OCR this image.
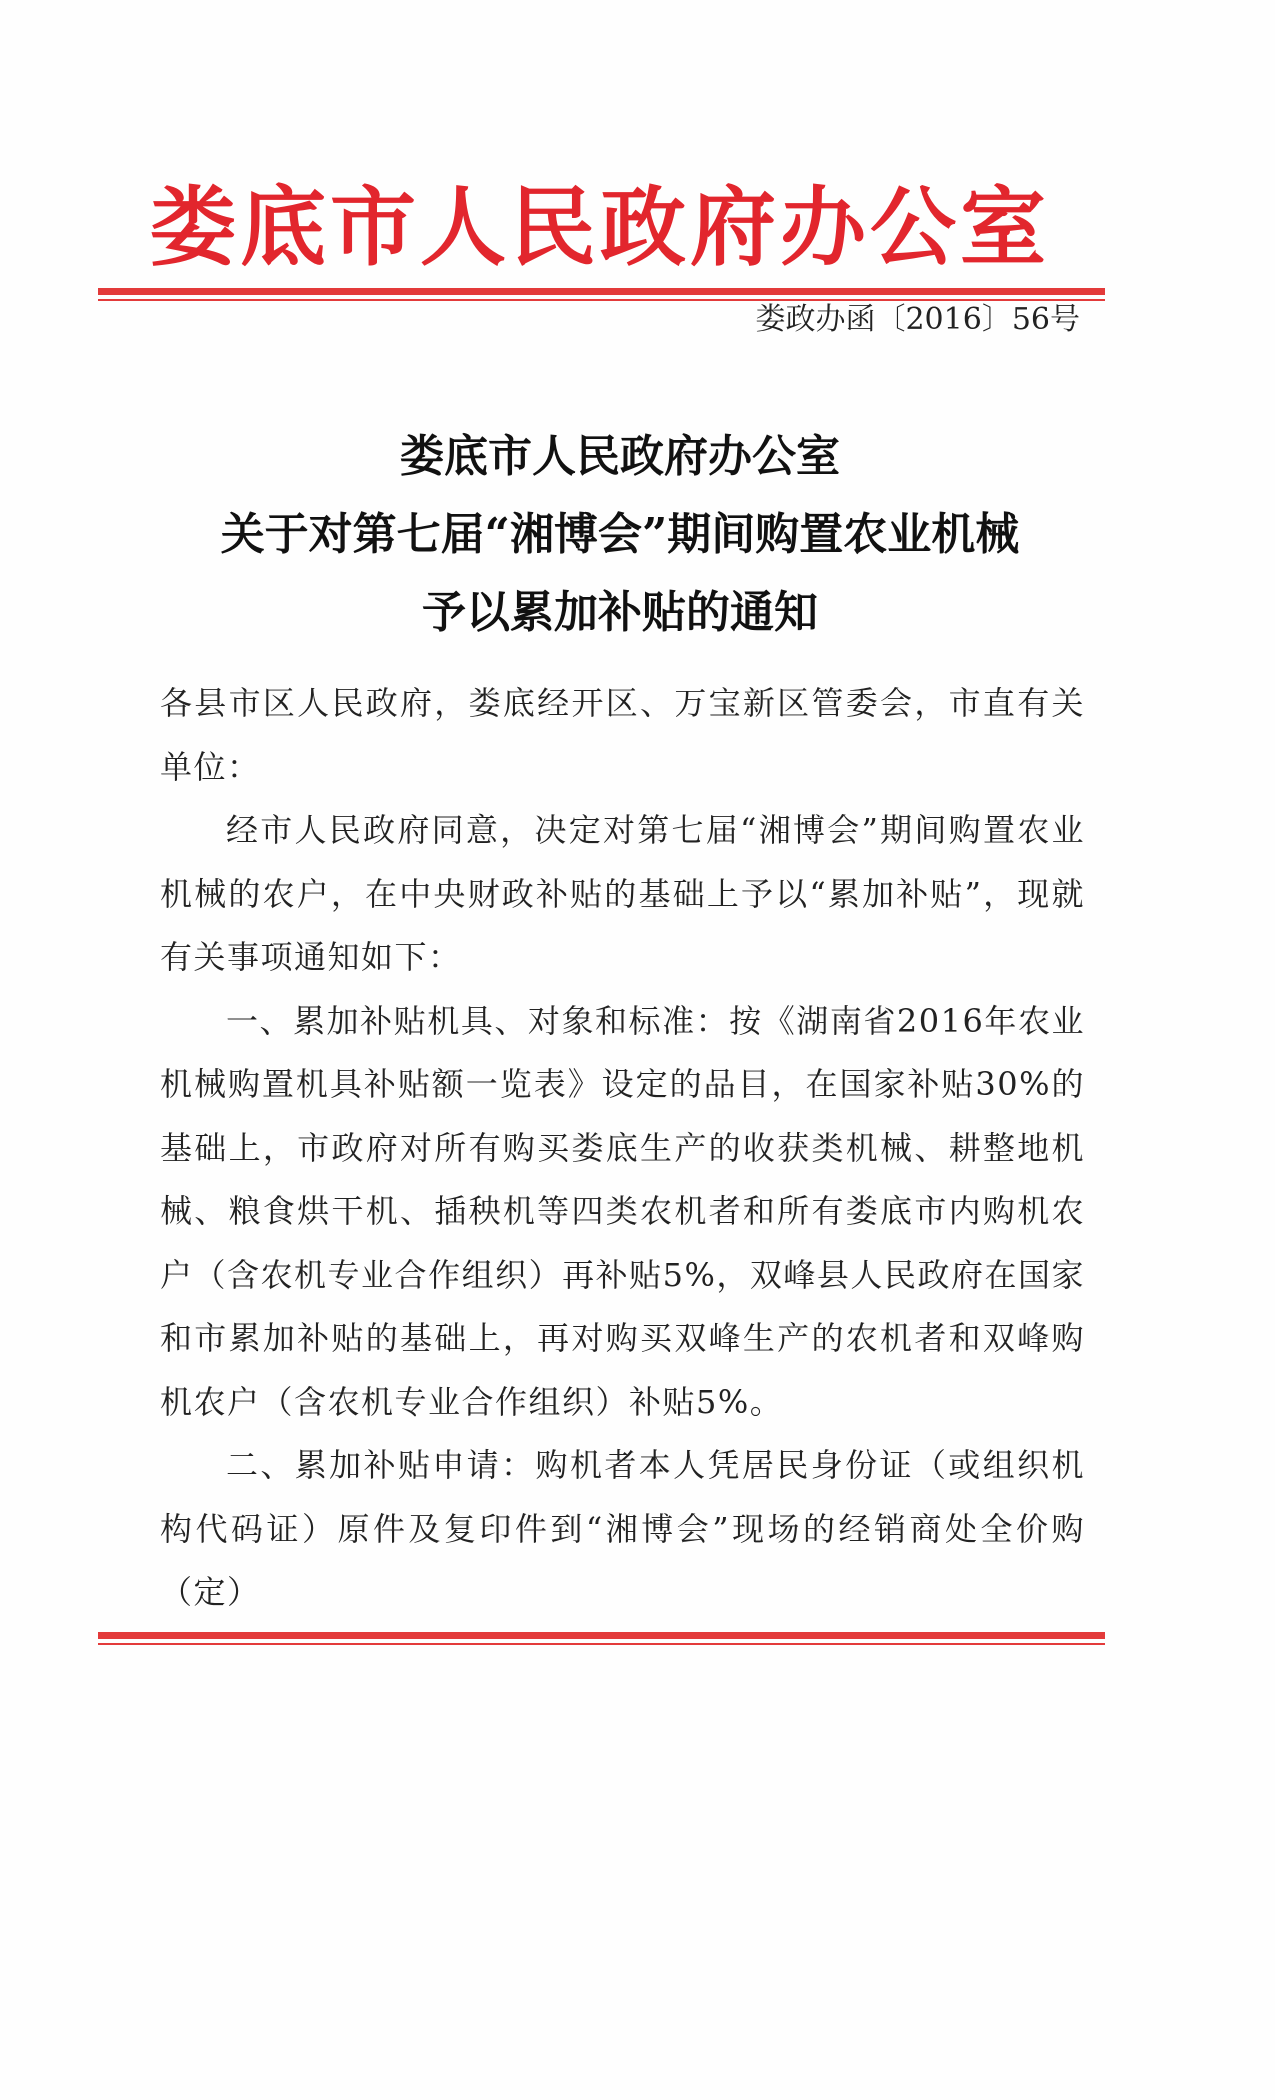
娄底市人民政府办公室
娄政办函〔2016〕56号
娄底市人民政府办公室
关于对第七届“湘博会”期间购置农业机械
予以累加补贴的通知

各县市区人民政府，娄底经开区、万宝新区管委会，市直有关单位：

经市人民政府同意，决定对第七届“湘博会”期间购置农业机械的农户，在中央财政补贴的基础上予以“累加补贴”，现就有关事项通知如下：

一、累加补贴机具、对象和标准：按《湖南省2016年农业机械购置机具补贴额一览表》设定的品目，在国家补贴30%的基础上，市政府对所有购买娄底生产的收获类机械、耕整地机械、粮食烘干机、插秧机等四类农机者和所有娄底市内购机农户（含农机专业合作组织）再补贴5%，双峰县人民政府在国家和市累加补贴的基础上，再对购买双峰生产的农机者和双峰购机农户（含农机专业合作组织）补贴5%。

二、累加补贴申请：购机者本人凭居民身份证（或组织机构代码证）原件及复印件到“湘博会”现场的经销商处全价购（定）
